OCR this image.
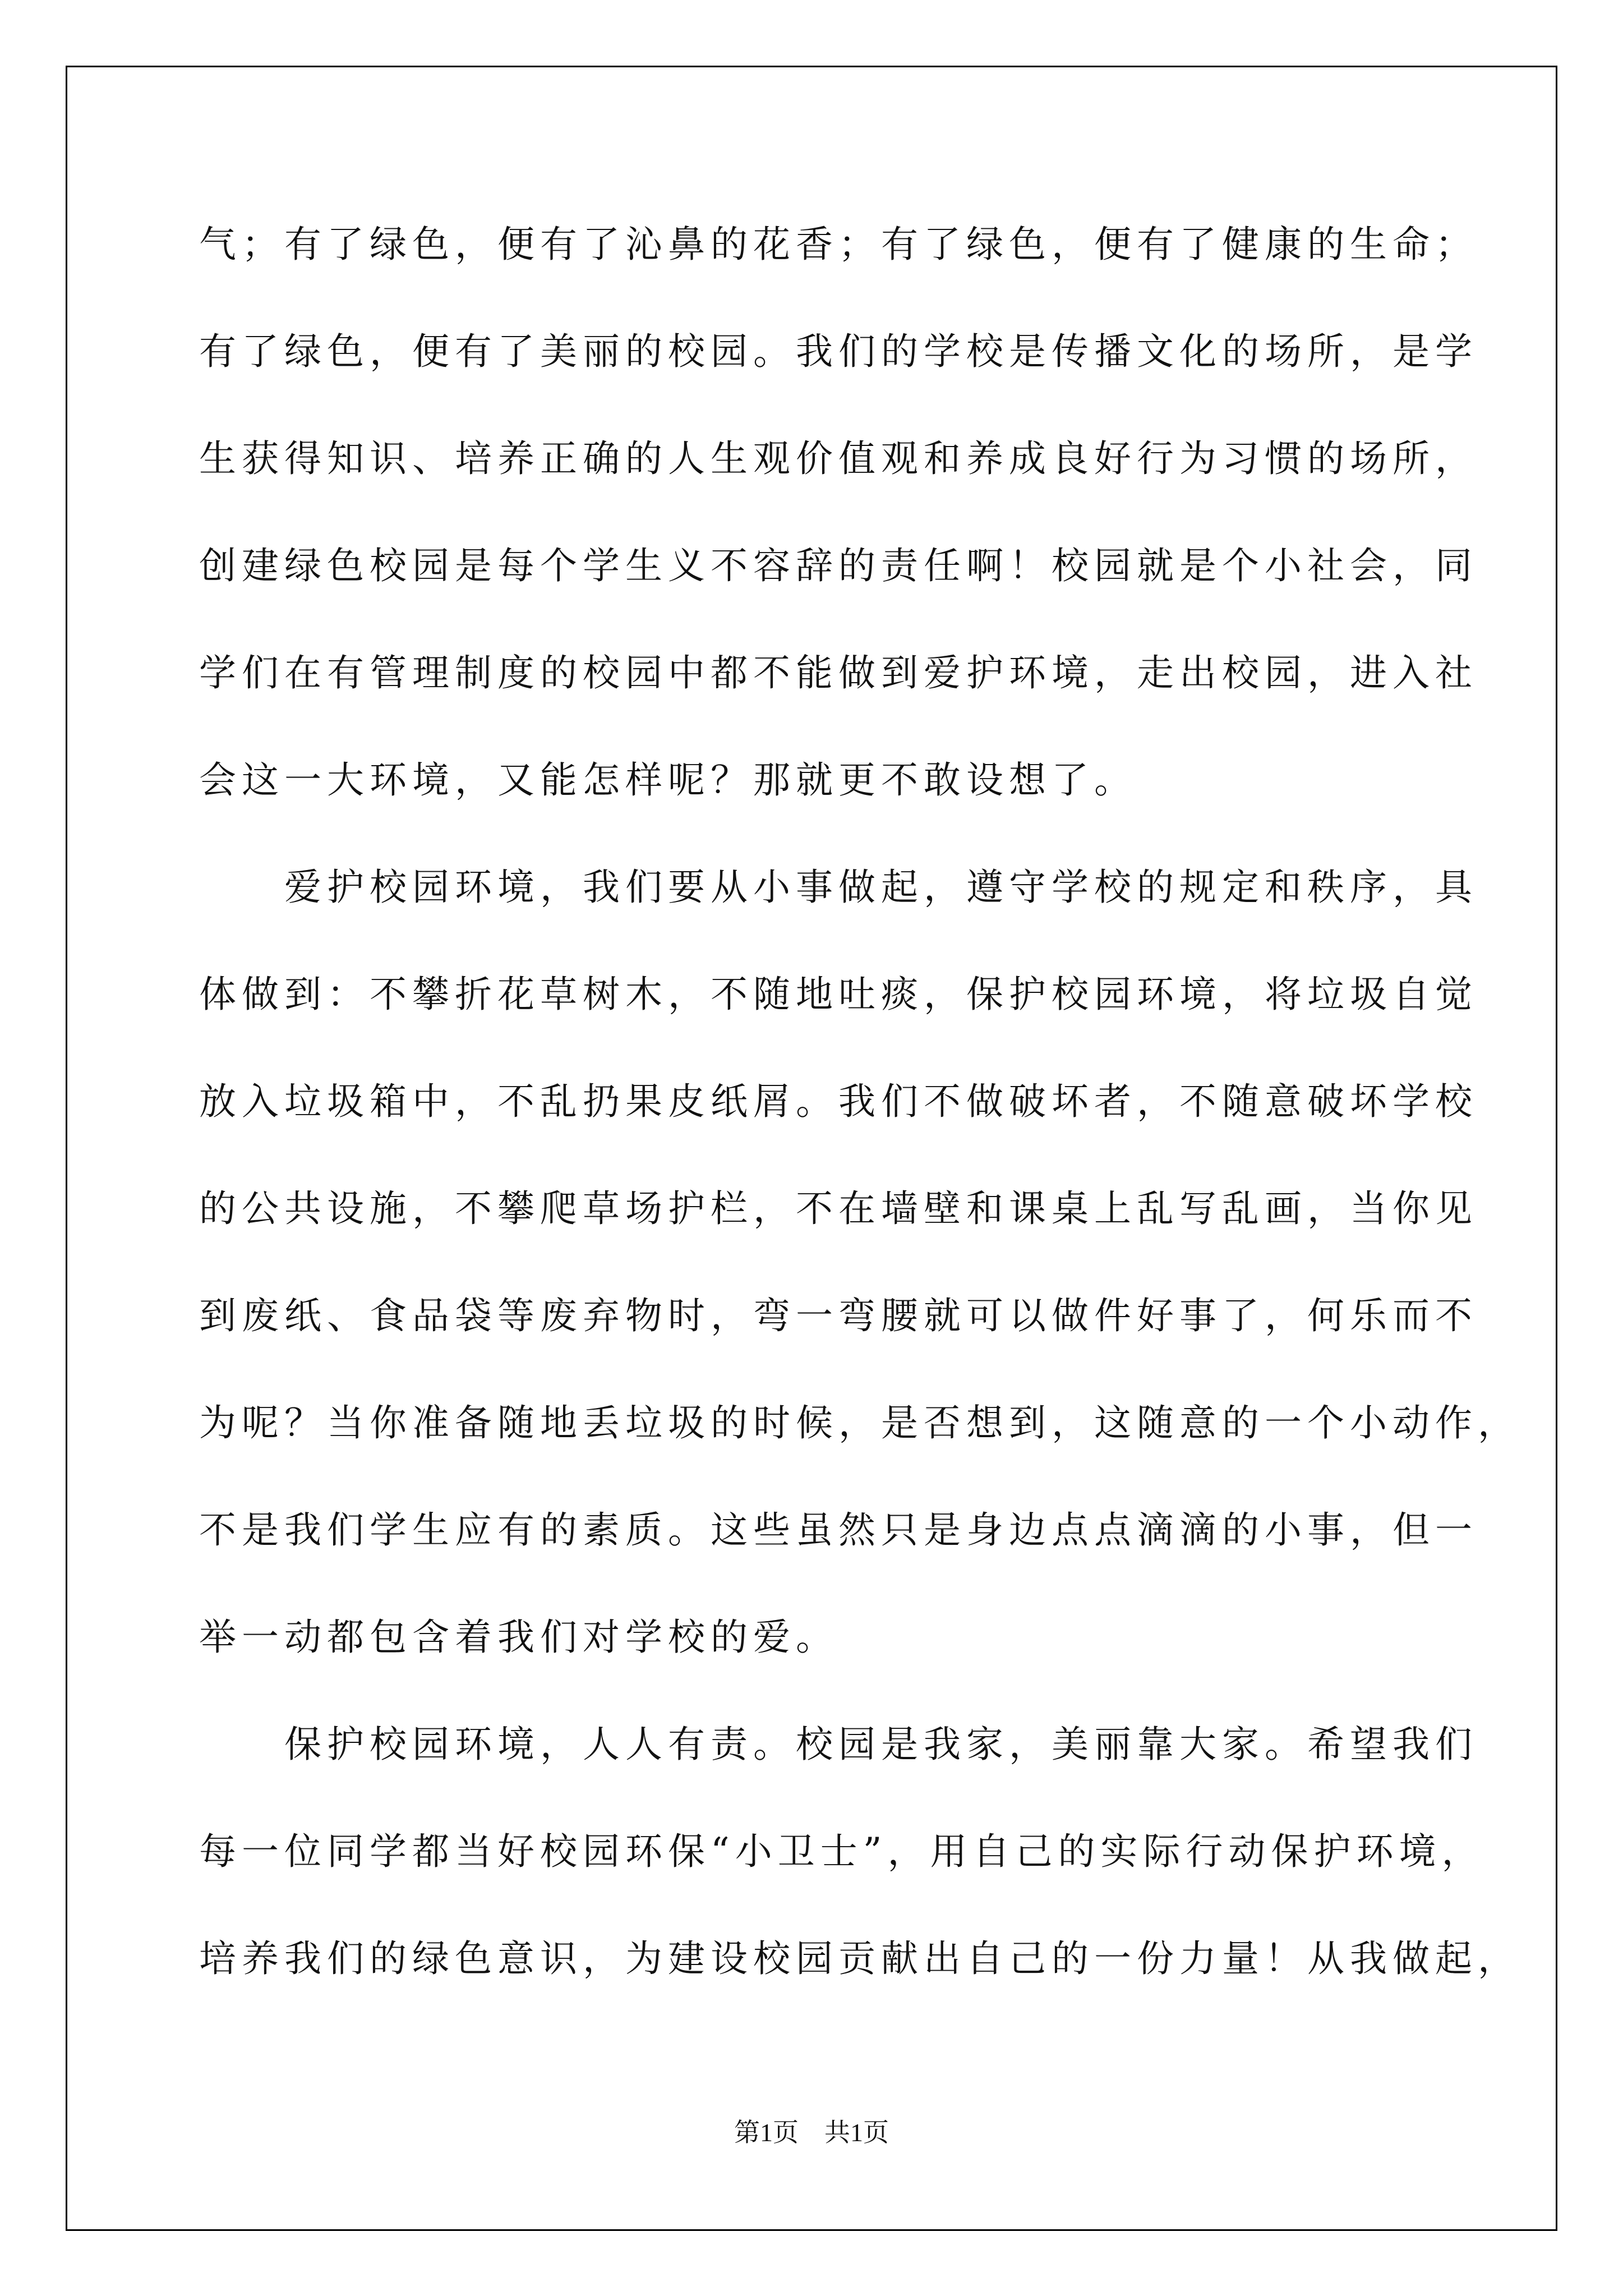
气；有了绿色，便有了沁鼻的花香；有了绿色，便有了健康的生命；

有了绿色，便有了美丽的校园。我们的学校是传播文化的场所，是学

生获得知识、培养正确的人生观价值观和养成良好行为习惯的场所，

创建绿色校园是每个学生义不容辞的责任啊！校园就是个小社会，同

学们在有管理制度的校园中都不能做到爱护环境，走出校园，进入社

会这一大环境，又能怎样呢？那就更不敢设想了。

　　爱护校园环境，我们要从小事做起，遵守学校的规定和秩序，具

体做到：不攀折花草树木，不随地吐痰，保护校园环境，将垃圾自觉

放入垃圾箱中，不乱扔果皮纸屑。我们不做破坏者，不随意破坏学校

的公共设施，不攀爬草场护栏，不在墙壁和课桌上乱写乱画，当你见

到废纸、食品袋等废弃物时，弯一弯腰就可以做件好事了，何乐而不

为呢？当你准备随地丢垃圾的时候，是否想到，这随意的一个小动作，

不是我们学生应有的素质。这些虽然只是身边点点滴滴的小事，但一

举一动都包含着我们对学校的爱。

　　保护校园环境，人人有责。校园是我家，美丽靠大家。希望我们

每一位同学都当好校园环保“小卫士”，用自己的实际行动保护环境，

培养我们的绿色意识，为建设校园贡献出自己的一份力量！从我做起，

第1页　共1页
